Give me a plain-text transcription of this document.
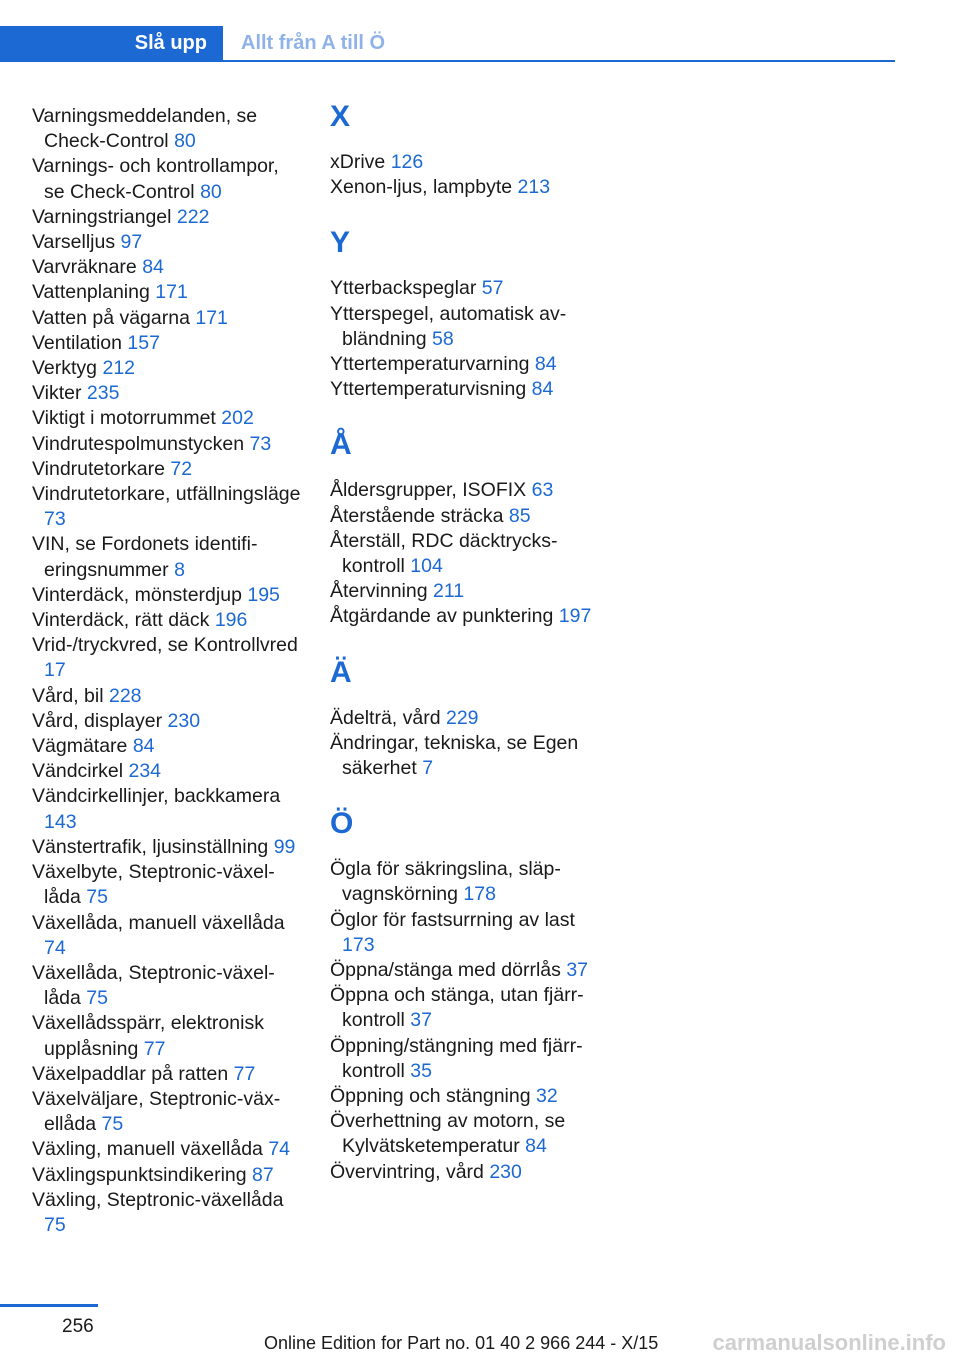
Slå upp	Allt från A till Ö
Varningsmeddelanden, se Check-Control 80
Varnings- och kontrollampor, se Check-Control 80
Varningstriangel 222
Varselljus 97
Varvräknare 84
Vattenplaning 171
Vatten på vägarna 171
Ventilation 157
Verktyg 212
Vikter 235
Viktigt i motorrummet 202
Vindrutespolmunstycken 73
Vindrutetorkare 72
Vindrutetorkare, utfällningsläge 73
VIN, se Fordonets identifieringsnummer 8
Vinterdäck, mönsterdjup 195
Vinterdäck, rätt däck 196
Vrid-/tryckvred, se Kontrollvred 17
Vård, bil 228
Vård, displayer 230
Vägmätare 84
Vändcirkel 234
Vändcirkellinjer, backkamera 143
Vänstertrafik, ljusinställning 99
Växelbyte, Steptronic-växellåda 75
Växellåda, manuell växellåda 74
Växellåda, Steptronic-växellåda 75
Växellådsspärr, elektronisk upplåsning 77
Växelpaddlar på ratten 77
Växelväljare, Steptronic-växellåda 75
Växling, manuell växellåda 74
Växlingspunktsindikering 87
Växling, Steptronic-växellåda 75
X
xDrive 126
Xenon-ljus, lampbyte 213
Y
Ytterbackspeglar 57
Ytterspegel, automatisk avbländning 58
Yttertemperaturvarning 84
Yttertemperaturvisning 84
Å
Åldersgrupper, ISOFIX 63
Återstående sträcka 85
Återställ, RDC däcktryckskontroll 104
Återvinning 211
Åtgärdande av punktering 197
Ä
Ädelträ, vård 229
Ändringar, tekniska, se Egen säkerhet 7
Ö
Ögla för säkringslina, släpvagnskörning 178
Öglor för fastsurrning av last 173
Öppna/stänga med dörrlås 37
Öppna och stänga, utan fjärrkontroll 37
Öppning/stängning med fjärrkontroll 35
Öppning och stängning 32
Överhettning av motorn, se Kylvätsketemperatur 84
Övervintring, vård 230
256
Online Edition for Part no. 01 40 2 966 244 - X/15 carmanualsonline.info
